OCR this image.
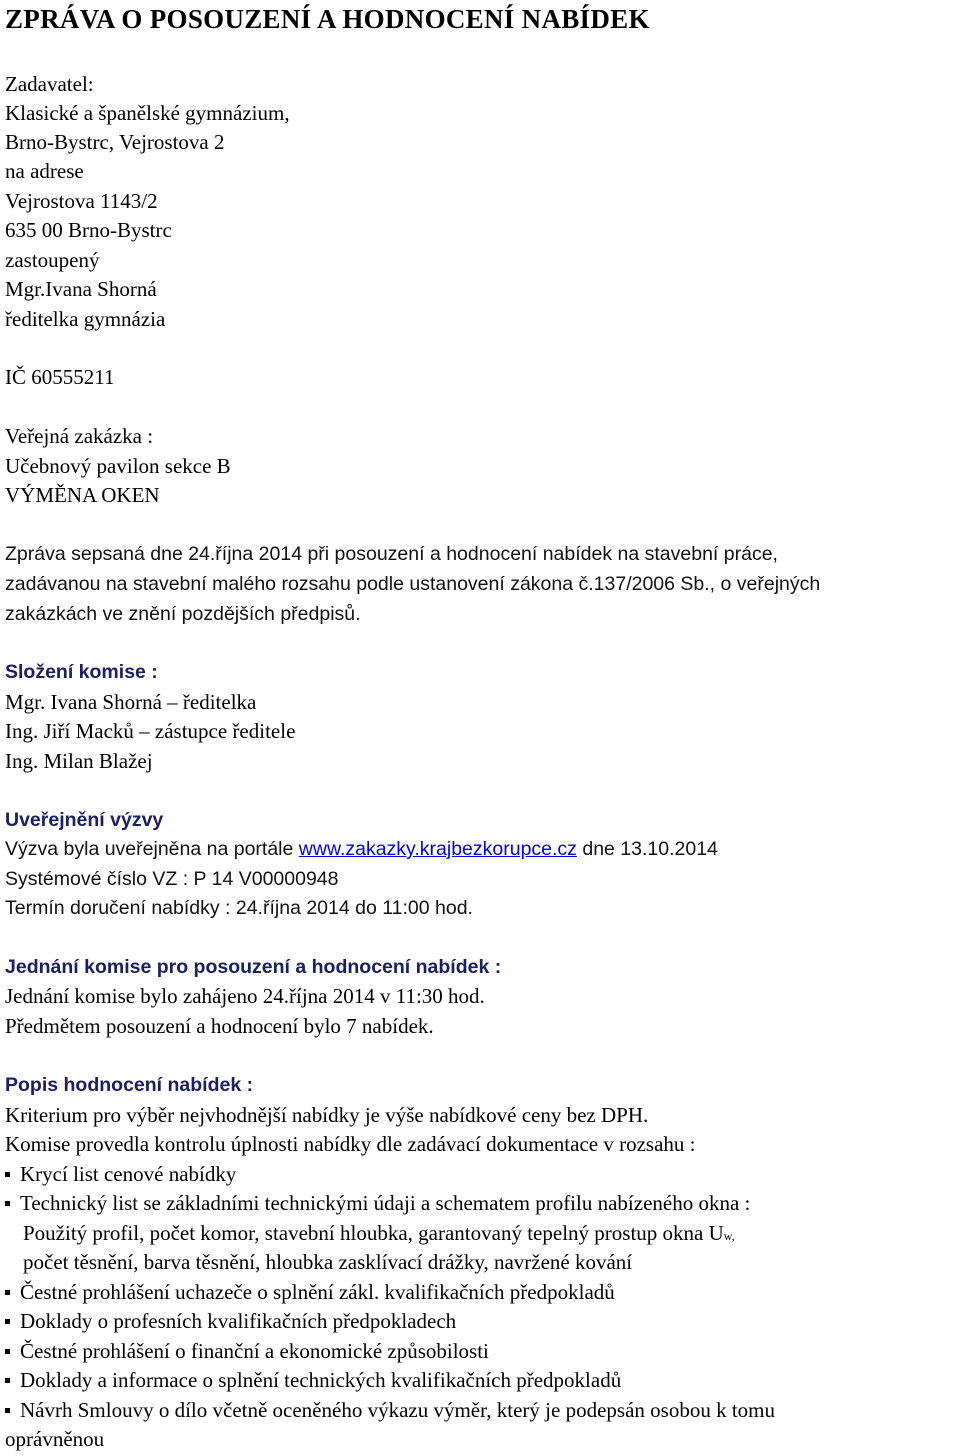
ZPRÁVA O POSOUZENÍ A HODNOCENÍ NABÍDEK
Zadavatel:
Klasické a španělské gymnázium,
Brno-Bystrc, Vejrostova 2
na adrese
Vejrostova 1143/2
635 00 Brno-Bystrc
zastoupený
Mgr.Ivana Shorná
ředitelka gymnázia
IČ 60555211
Veřejná zakázka :
Učebnový pavilon sekce B
VÝMĚNA OKEN
Zpráva sepsaná dne 24.října 2014 při posouzení a hodnocení nabídek na stavební práce,
zadávanou na stavební malého rozsahu podle ustanovení zákona č.137/2006 Sb., o veřejných
zakázkách ve znění pozdějších předpisů.
Složení komise :
Mgr. Ivana Shorná – ředitelka
Ing. Jiří Macků – zástupce ředitele
Ing. Milan Blažej
Uveřejnění výzvy
Výzva byla uveřejněna na portále www.zakazky.krajbezkorupce.cz dne 13.10.2014
Systémové číslo VZ : P 14 V00000948
Termín doručení nabídky : 24.října 2014 do 11:00 hod.
Jednání komise pro posouzení a hodnocení nabídek :
Jednání komise bylo zahájeno 24.října 2014 v 11:30 hod.
Předmětem posouzení a hodnocení bylo 7 nabídek.
Popis hodnocení nabídek :
Kriterium pro výběr nejvhodnější nabídky je výše nabídkové ceny bez DPH.
Komise provedla kontrolu úplnosti nabídky dle zadávací dokumentace v rozsahu :
Krycí list cenové nabídky
Technický list se základními technickými údaji a schematem profilu nabízeného okna :
Použitý profil, počet komor, stavební hloubka, garantovaný tepelný prostup okna Uw,
počet těsnění, barva těsnění, hloubka zasklívací drážky, navržené kování
Čestné prohlášení uchazeče o splnění zákl. kvalifikačních předpokladů
Doklady o profesních kvalifikačních předpokladech
Čestné prohlášení o finanční a ekonomické způsobilosti
Doklady a informace o splnění technických kvalifikačních předpokladů
Návrh Smlouvy o dílo včetně oceněného výkazu výměr, který je podepsán osobou k tomu
oprávněnou
